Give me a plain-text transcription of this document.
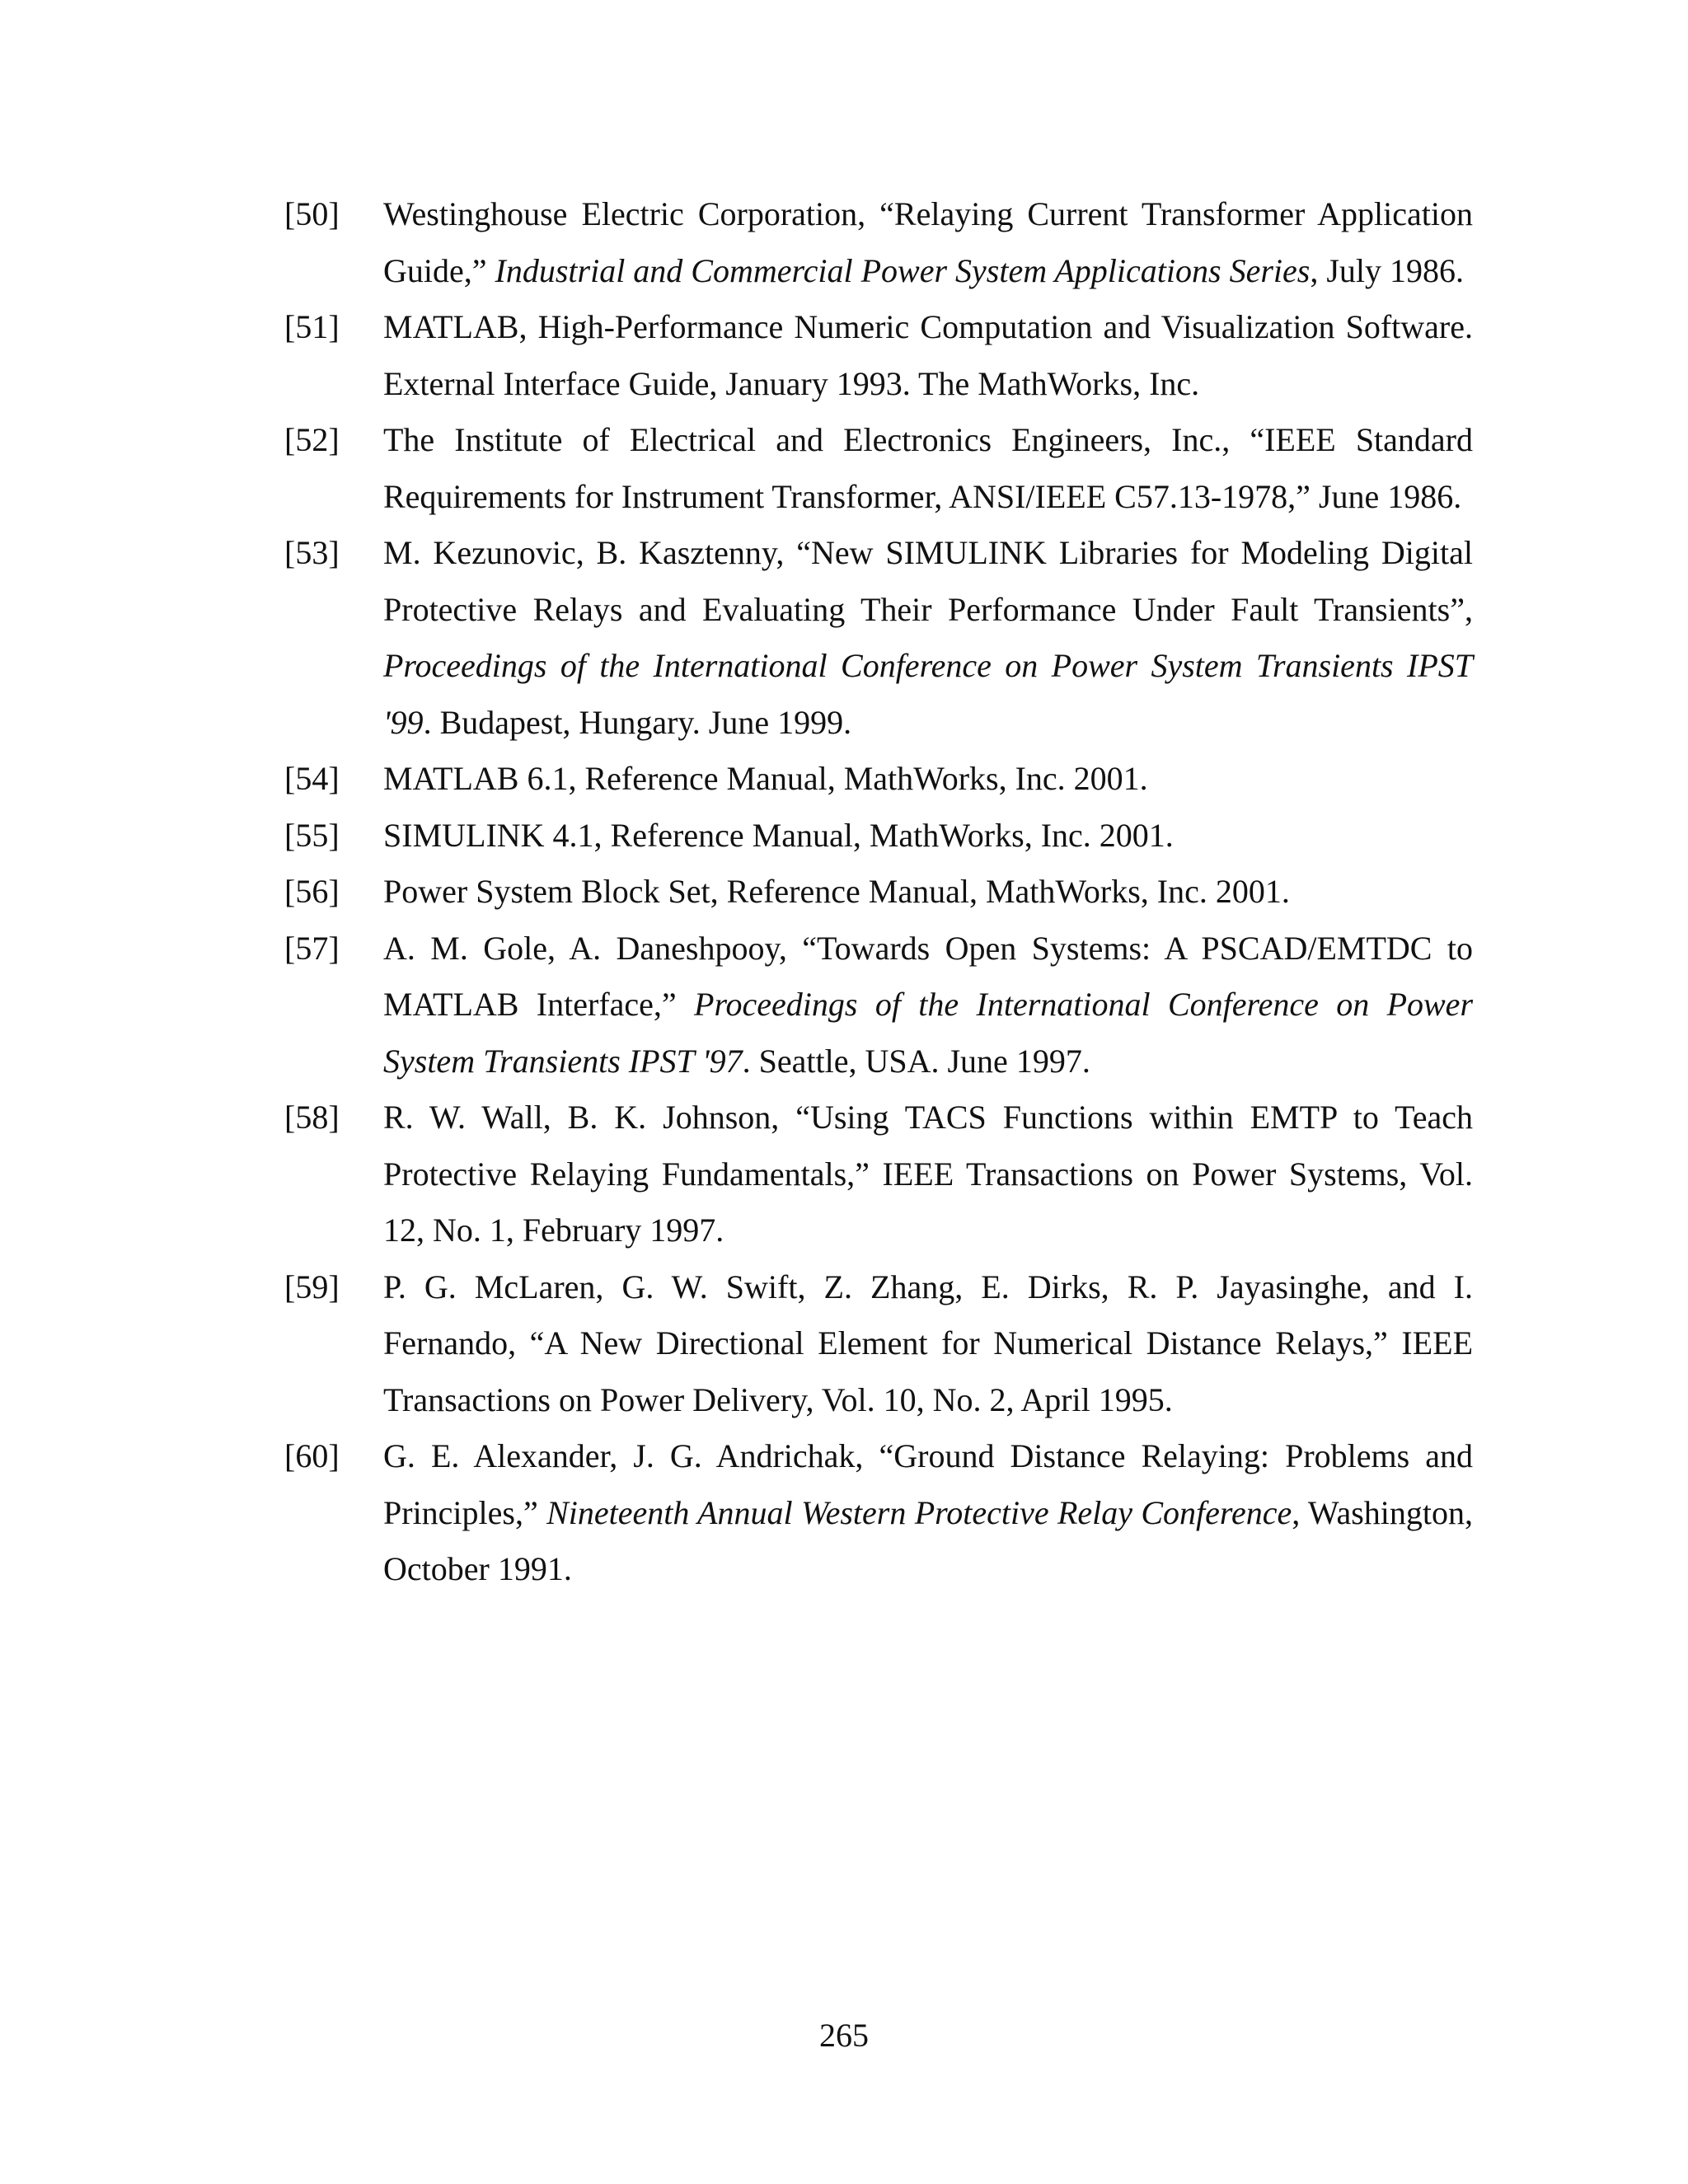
[50]	Westinghouse Electric Corporation, “Relaying Current Transformer Application Guide,” Industrial and Commercial Power System Applications Series, July 1986.
[51]	MATLAB, High-Performance Numeric Computation and Visualization Software. External Interface Guide, January 1993. The MathWorks, Inc.
[52]	The Institute of Electrical and Electronics Engineers, Inc., “IEEE Standard Requirements for Instrument Transformer, ANSI/IEEE C57.13-1978,” June 1986.
[53]	M. Kezunovic, B. Kasztenny, “New SIMULINK Libraries for Modeling Digital Protective Relays and Evaluating Their Performance Under Fault Transients”, Proceedings of the International Conference on Power System Transients IPST '99. Budapest, Hungary. June 1999.
[54]	MATLAB 6.1, Reference Manual, MathWorks, Inc. 2001.
[55]	SIMULINK 4.1, Reference Manual, MathWorks, Inc. 2001.
[56]	Power System Block Set, Reference Manual, MathWorks, Inc. 2001.
[57]	A. M. Gole, A. Daneshpooy, “Towards Open Systems: A PSCAD/EMTDC to MATLAB Interface,” Proceedings of the International Conference on Power System Transients IPST '97. Seattle, USA. June 1997.
[58]	R. W. Wall, B. K. Johnson, “Using TACS Functions within EMTP to Teach Protective Relaying Fundamentals,” IEEE Transactions on Power Systems, Vol. 12, No. 1, February 1997.
[59]	P. G. McLaren, G. W. Swift, Z. Zhang, E. Dirks, R. P. Jayasinghe, and I. Fernando, “A New Directional Element for Numerical Distance Relays,” IEEE Transactions on Power Delivery, Vol. 10, No. 2, April 1995.
[60]	G. E. Alexander, J. G. Andrichak, “Ground Distance Relaying: Problems and Principles,” Nineteenth Annual Western Protective Relay Conference, Washington, October 1991.
265
